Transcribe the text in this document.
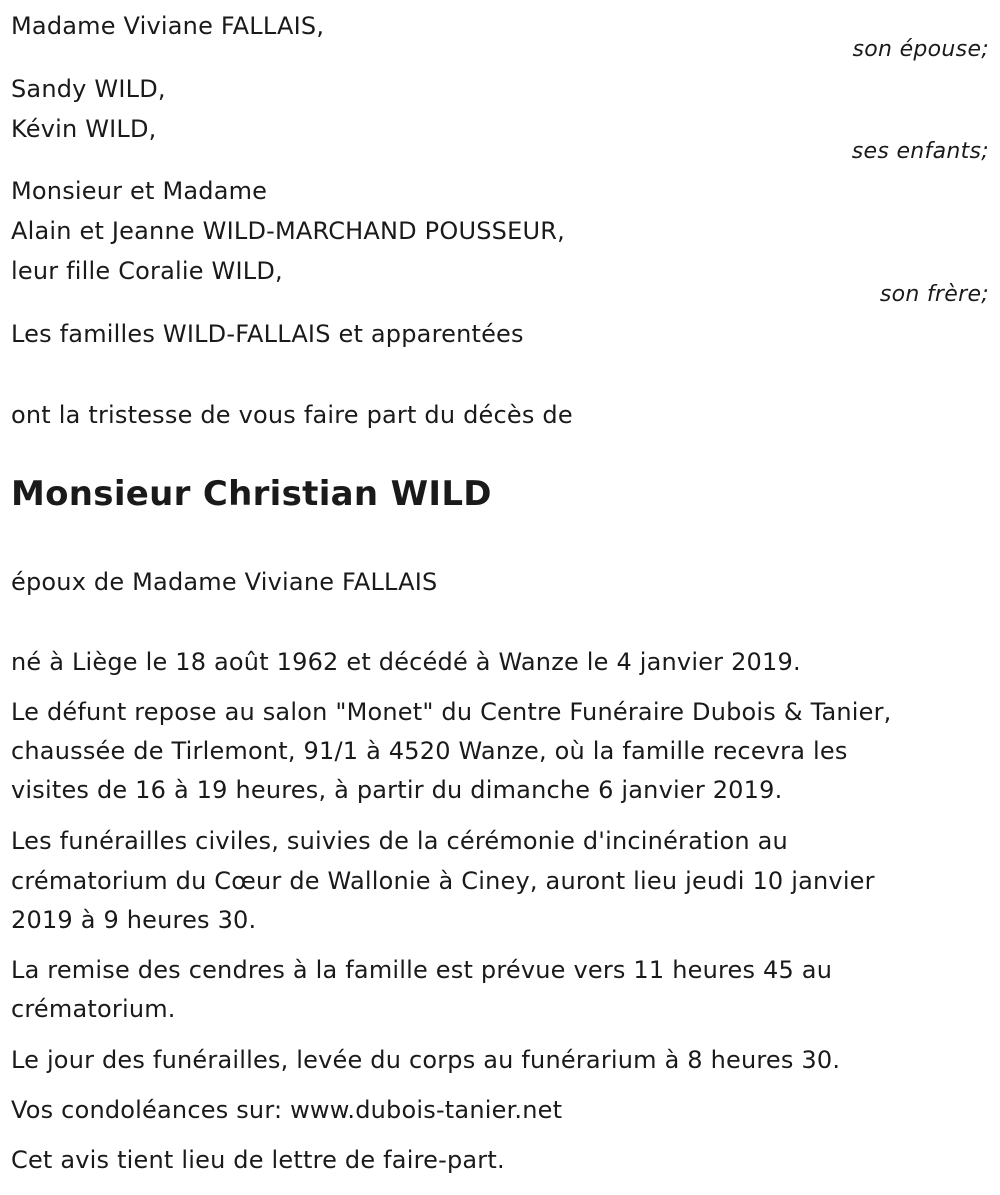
Madame Viviane FALLAIS,
son épouse;
Sandy WILD,
Kévin WILD,
ses enfants;
Monsieur et Madame
Alain et Jeanne WILD-MARCHAND POUSSEUR,
leur fille Coralie WILD,
son frère;
Les familles WILD-FALLAIS et apparentées
ont la tristesse de vous faire part du décès de
Monsieur Christian WILD
époux de Madame Viviane FALLAIS
né à Liège le 18 août 1962 et décédé à Wanze le 4 janvier 2019.
Le défunt repose au salon "Monet" du Centre Funéraire Dubois & Tanier,
chaussée de Tirlemont, 91/1 à 4520 Wanze, où la famille recevra les
visites de 16 à 19 heures, à partir du dimanche 6 janvier 2019.
Les funérailles civiles, suivies de la cérémonie d'incinération au
crématorium du Cœur de Wallonie à Ciney, auront lieu jeudi 10 janvier
2019 à 9 heures 30.
La remise des cendres à la famille est prévue vers 11 heures 45 au
crématorium.
Le jour des funérailles, levée du corps au funérarium à 8 heures 30.
Vos condoléances sur: www.dubois-tanier.net
Cet avis tient lieu de lettre de faire-part.
